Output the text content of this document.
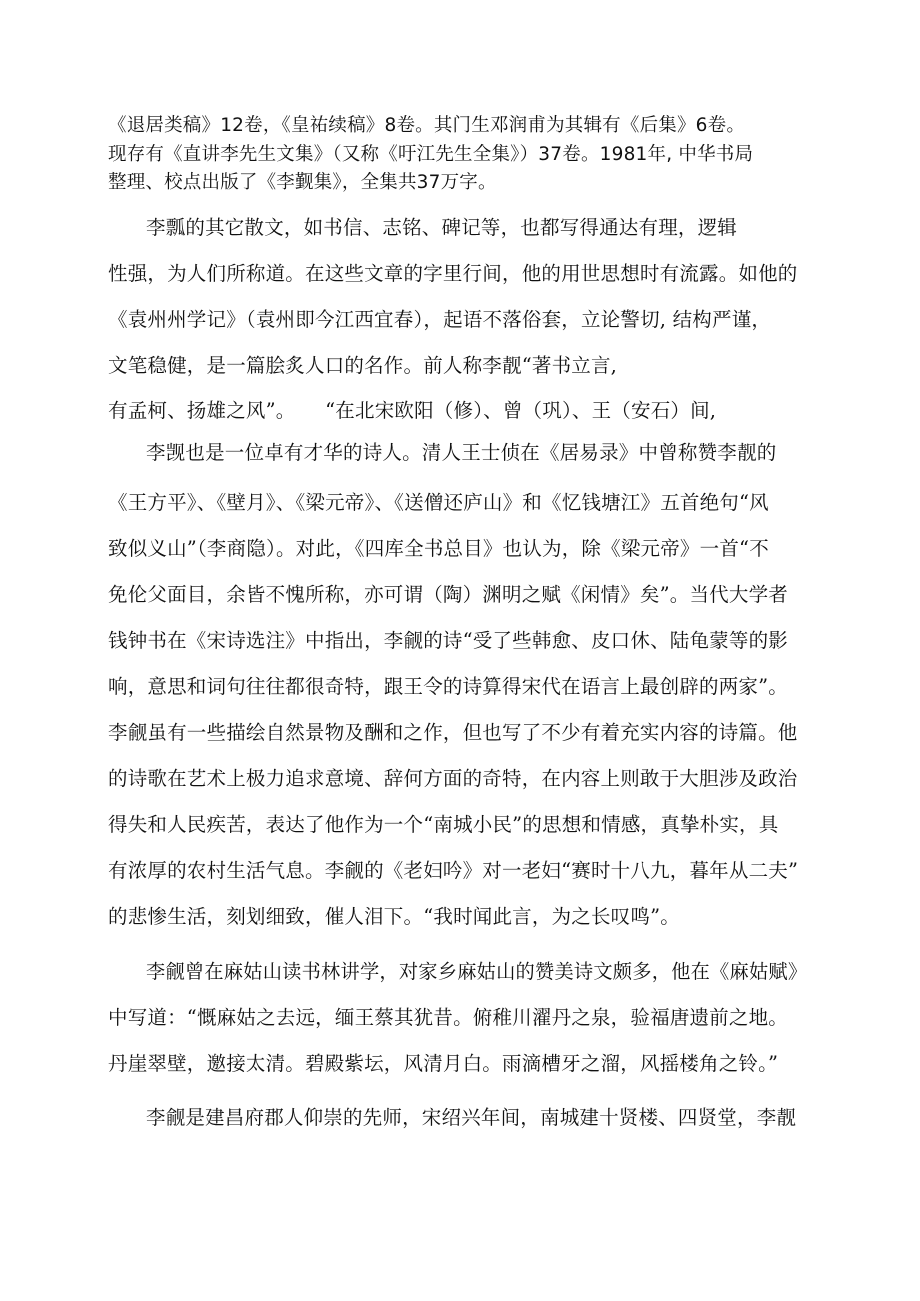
《退居类稿》12卷，《皇祐续稿》8卷。其门生邓润甫为其辑有《后集》6卷。
现存有《直讲李先生文集》（又称《吁江先生全集》）37卷。1981年, 中华书局
整理、校点出版了《李觐集》，全集共37万字。
李瓢的其它散文，如书信、志铭、碑记等，也都写得通达有理，逻辑
性强，为人们所称道。在这些文章的字里行间，他的用世思想时有流露。如他的
《袁州州学记》（袁州即今江西宜春），起语不落俗套，立论警切, 结构严谨，
文笔稳健，是一篇脍炙人口的名作。前人称李靓“著书立言,
有孟柯、扬雄之风”。　　“在北宋欧阳（修）、曾（巩）、王（安石）间,
李觊也是一位卓有才华的诗人。清人王士侦在《居易录》中曾称赞李靓的
《王方平》、《壁月》、《梁元帝》、《送僧还庐山》和《忆钱塘江》五首绝句“风
致似义山”（李商隐）。对此，《四库全书总目》也认为，除《梁元帝》一首“不
免伦父面目，余皆不愧所称，亦可谓（陶）渊明之赋《闲情》矣”。当代大学者
钱钟书在《宋诗选注》中指出，李觎的诗“受了些韩愈、皮口休、陆龟蒙等的影
响，意思和词句往往都很奇特，跟王令的诗算得宋代在语言上最创辟的两家”。
李觎虽有一些描绘自然景物及酬和之作，但也写了不少有着充实内容的诗篇。他
的诗歌在艺术上极力追求意境、辞何方面的奇特，在内容上则敢于大胆涉及政治
得失和人民疾苦，表达了他作为一个“南城小民”的思想和情感，真挚朴实，具
有浓厚的农村生活气息。李觎的《老妇吟》对一老妇“赛时十八九，暮年从二夫”
的悲惨生活，刻划细致，催人泪下。“我时闻此言，为之长叹鸣”。
李觎曾在麻姑山读书林讲学，对家乡麻姑山的赞美诗文颇多，他在《麻姑赋》
中写道：“慨麻姑之去远，缅王蔡其犹昔。俯稚川濯丹之泉，验福唐遗前之地。
丹崖翠壁，邀接太清。碧殿紫坛，风清月白。雨滴槽牙之溜，风摇楼角之铃。”
李觎是建昌府郡人仰崇的先师，宋绍兴年间，南城建十贤楼、四贤堂，李靓
